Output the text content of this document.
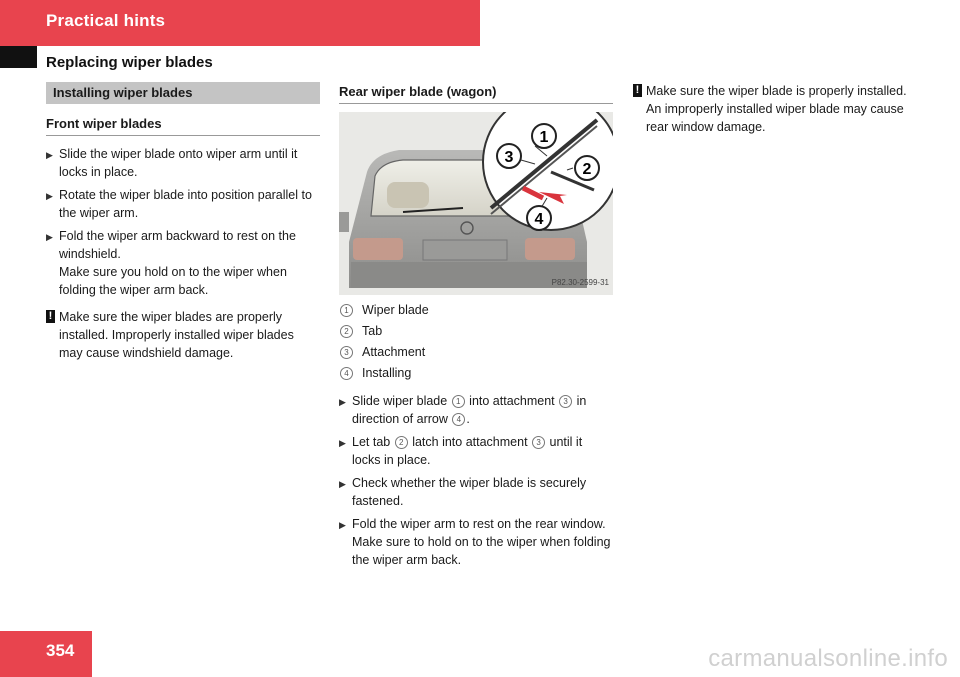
Practical hints
Replacing wiper blades
Installing wiper blades
Front wiper blades
▶ Slide the wiper blade onto wiper arm until it locks in place.
▶ Rotate the wiper blade into position parallel to the wiper arm.
▶ Fold the wiper arm backward to rest on the windshield.
Make sure you hold on to the wiper when folding the wiper arm back.
! Make sure the wiper blades are properly installed. Improperly installed wiper blades may cause windshield damage.
Rear wiper blade (wagon)
1
2
3
4
P82.30-2599-31
1	Wiper blade
2	Tab
3	Attachment
4	Installing
▶ Slide wiper blade 1 into attachment 3 in direction of arrow 4 .
▶ Let tab 2 latch into attachment 3 until it locks in place.
▶ Check whether the wiper blade is securely fastened.
▶ Fold the wiper arm to rest on the rear window.
Make sure to hold on to the wiper when folding the wiper arm back.
! Make sure the wiper blade is properly installed. An improperly installed wiper blade may cause rear window damage.
354	carmanualsonline.info
